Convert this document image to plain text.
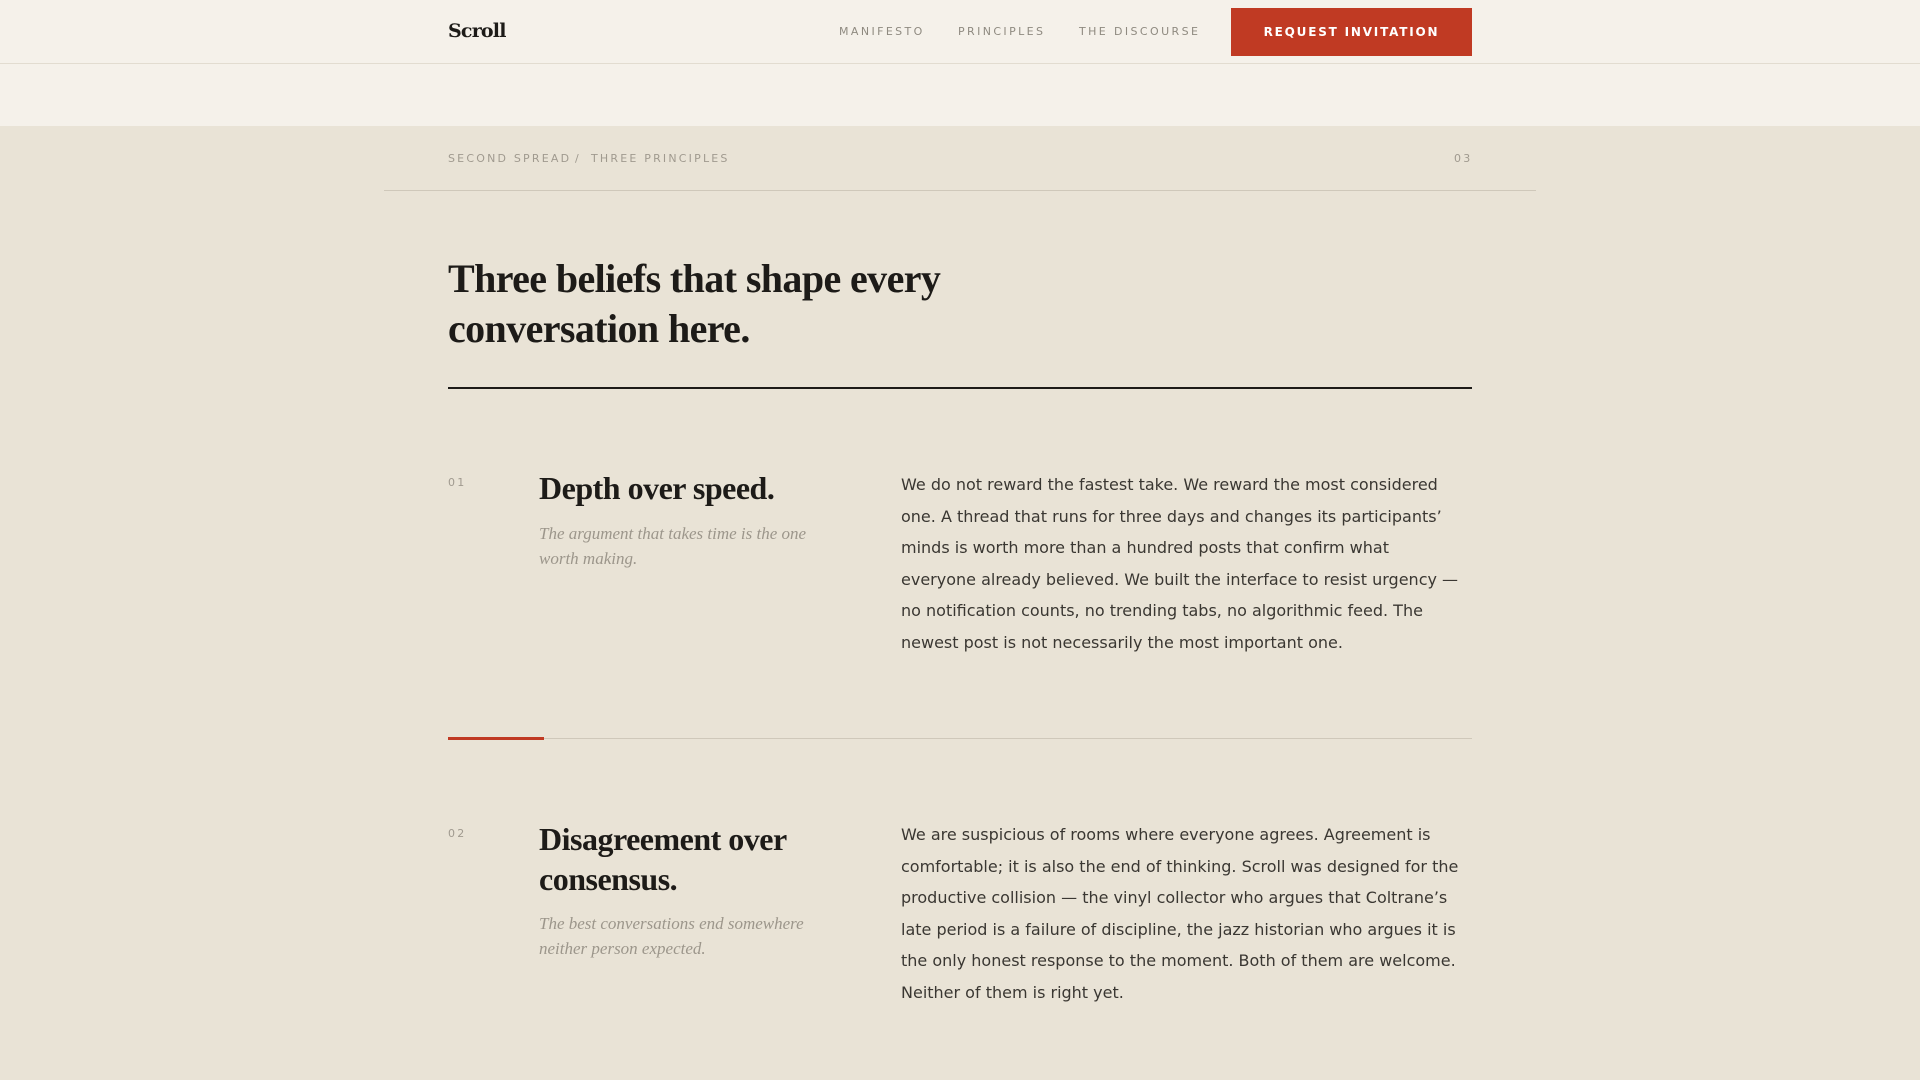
Scroll	MANIFESTO	PRINCIPLES	THE DISCOURSE	REQUEST INVITATION
SECOND SPREAD / THREE PRINCIPLES	03
Three beliefs that shape every conversation here.
01 Depth over speed.

The argument that takes time is the one worth making.

We do not reward the fastest take. We reward the most considered one. A thread that runs for three days and changes its participants’ minds is worth more than a hundred posts that confirm what everyone already believed. We built the interface to resist urgency — no notification counts, no trending tabs, no algorithmic feed. The newest post is not necessarily the most important one.

02 Disagreement over consensus.

The best conversations end somewhere neither person expected.

We are suspicious of rooms where everyone agrees. Agreement is comfortable; it is also the end of thinking. Scroll was designed for the productive collision — the vinyl collector who argues that Coltrane’s late period is a failure of discipline, the jazz historian who argues it is the only honest response to the moment. Both of them are welcome. Neither of them is right yet.
